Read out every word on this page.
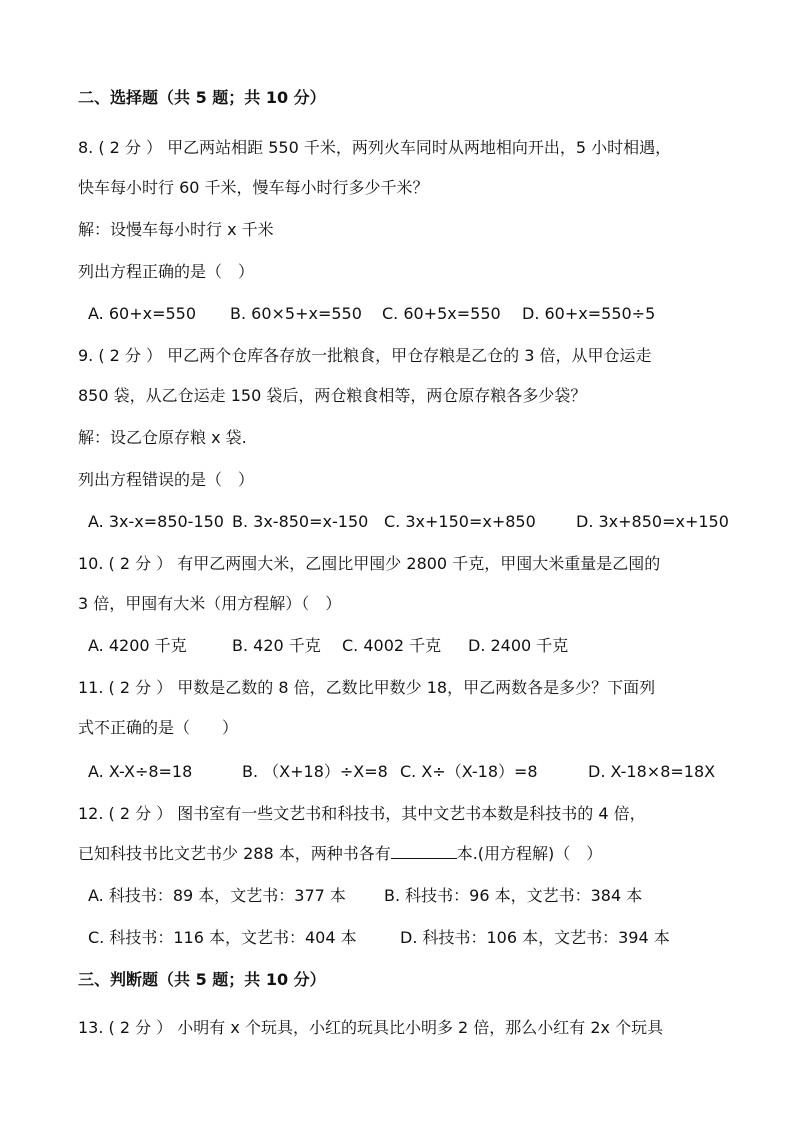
二、选择题（共 5 题；共 10 分）
8. ( 2 分 ） 甲乙两站相距 550 千米，两列火车同时从两地相向开出，5 小时相遇，
快车每小时行 60 千米，慢车每小时行多少千米？
解：设慢车每小时行 x 千米
列出方程正确的是（　）
A. 60+x=550 B. 60×5+x=550 C. 60+5x=550 D. 60+x=550÷5
9. ( 2 分 ） 甲乙两个仓库各存放一批粮食，甲仓存粮是乙仓的 3 倍，从甲仓运走
850 袋，从乙仓运走 150 袋后，两仓粮食相等，两仓原存粮各多少袋？
解：设乙仓原存粮 x 袋.
列出方程错误的是（　）
A. 3x-x=850-150 B. 3x-850=x-150 C. 3x+150=x+850	D. 3x+850=x+150
10. ( 2 分 ） 有甲乙两囤大米，乙囤比甲囤少 2800 千克，甲囤大米重量是乙囤的
3 倍，甲囤有大米（用方程解）（　）
A. 4200 千克	B. 420 千克 C. 4002 千克 D. 2400 千克
11. ( 2 分 ） 甲数是乙数的 8 倍，乙数比甲数少 18，甲乙两数各是多少？下面列
式不正确的是（　　）
A. X-X÷8=18	B. （X+18）÷X=8 C. X÷（X-18）=8	D. X-18×8=18X
12. ( 2 分 ） 图书室有一些文艺书和科技书，其中文艺书本数是科技书的 4 倍，
已知科技书比文艺书少 288 本，两种书各有	本.(用方程解)（　）
A. 科技书：89 本，文艺书：377 本 B. 科技书：96 本，文艺书：384 本
C. 科技书：116 本，文艺书：404 本	D. 科技书：106 本，文艺书：394 本
三、判断题（共 5 题；共 10 分）
13. ( 2 分 ） 小明有 x 个玩具，小红的玩具比小明多 2 倍，那么小红有 2x 个玩具
